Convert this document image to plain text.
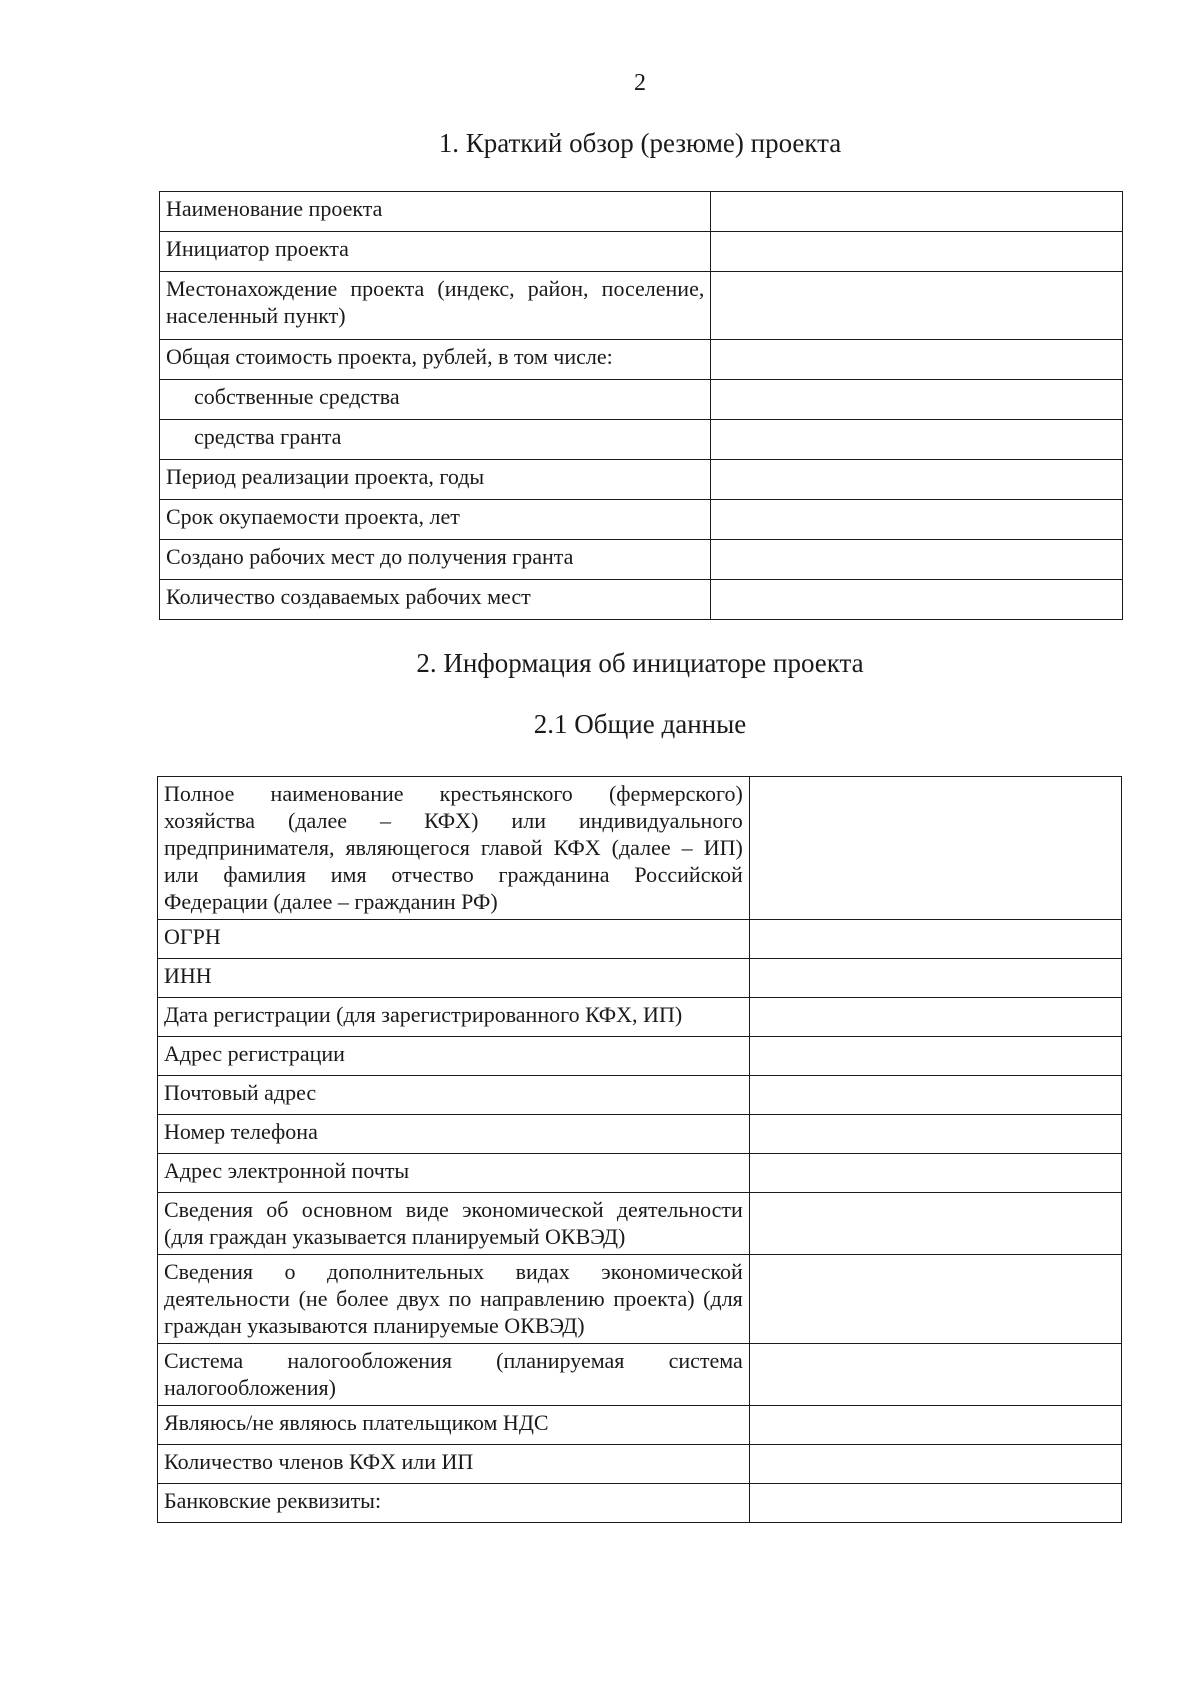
2
1. Краткий обзор (резюме) проекта
Наименование проекта	
Инициатор проекта	
Местонахождение проекта (индекс, район, поселение, населенный пункт)	
Общая стоимость проекта, рублей, в том числе:	
собственные средства	
средства гранта	
Период реализации проекта, годы	
Срок окупаемости проекта, лет	
Создано рабочих мест до получения гранта	
Количество создаваемых рабочих мест	
2. Информация об инициаторе проекта
2.1 Общие данные
Полное наименование крестьянского (фермерского) хозяйства (далее – КФХ) или индивидуального предпринимателя, являющегося главой КФХ (далее – ИП) или фамилия имя отчество гражданина Российской Федерации (далее – гражданин РФ)	
ОГРН	
ИНН	
Дата регистрации (для зарегистрированного КФХ, ИП)	
Адрес регистрации	
Почтовый адрес	
Номер телефона	
Адрес электронной почты	
Сведения об основном виде экономической деятельности (для граждан указывается планируемый ОКВЭД)	
Сведения о дополнительных видах экономической деятельности (не более двух по направлению проекта) (для граждан указываются планируемые ОКВЭД)	
Система налогообложения (планируемая система налогообложения)	
Являюсь/не являюсь плательщиком НДС	
Количество членов КФХ или ИП	
Банковские реквизиты:	
